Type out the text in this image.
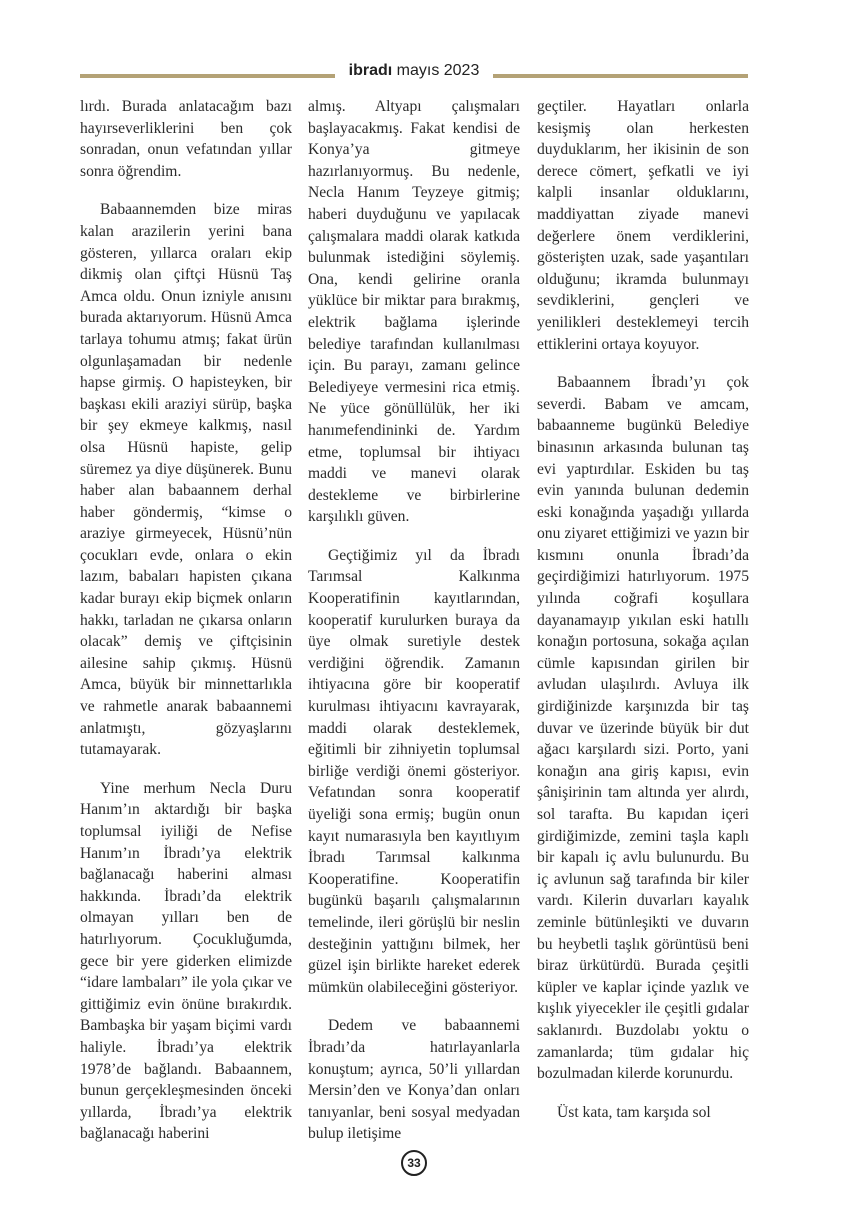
ibradı mayıs 2023

lırdı. Burada anlatacağım bazı hayırseverliklerini ben çok sonradan, onun vefatından yıllar sonra öğrendim.

Babaannemden bize miras kalan arazilerin yerini bana gösteren, yıllarca oraları ekip dikmiş olan çiftçi Hüsnü Taş Amca oldu. Onun izniyle anısını burada aktarıyorum. Hüsnü Amca tarlaya tohumu atmış; fakat ürün olgunlaşamadan bir nedenle hapse girmiş. O hapisteyken, bir başkası ekili araziyi sürüp, başka bir şey ekmeye kalkmış, nasıl olsa Hüsnü hapiste, gelip süremez ya diye düşünerek. Bunu haber alan babaannem derhal haber göndermiş, “kimse o araziye girmeyecek, Hüsnü’nün çocukları evde, onlara o ekin lazım, babaları hapisten çıkana kadar burayı ekip biçmek onların hakkı, tarladan ne çıkarsa onların olacak” demiş ve çiftçisinin ailesine sahip çıkmış. Hüsnü Amca, büyük bir minnettarlıkla ve rahmetle anarak babaannemi anlatmıştı, gözyaşlarını tutamayarak.

Yine merhum Necla Duru Hanım’ın aktardığı bir başka toplumsal iyiliği de Nefise Hanım’ın İbradı’ya elektrik bağlanacağı haberini alması hakkında. İbradı’da elektrik olmayan yılları ben de hatırlıyorum. Çocukluğumda, gece bir yere giderken elimizde “idare lambaları” ile yola çıkar ve gittiğimiz evin önüne bırakırdık. Bambaşka bir yaşam biçimi vardı haliyle. İbradı’ya elektrik 1978’de bağlandı. Babaannem, bunun gerçekleşmesinden önceki yıllarda, İbradı’ya elektrik bağlanacağı haberini

almış. Altyapı çalışmaları başlayacakmış. Fakat kendisi de Konya’ya gitmeye hazırlanıyormuş. Bu nedenle, Necla Hanım Teyzeye gitmiş; haberi duyduğunu ve yapılacak çalışmalara maddi olarak katkıda bulunmak istediğini söylemiş. Ona, kendi gelirine oranla yüklüce bir miktar para bırakmış, elektrik bağlama işlerinde belediye tarafından kullanılması için. Bu parayı, zamanı gelince Belediyeye vermesini rica etmiş. Ne yüce gönüllülük, her iki hanımefendininki de. Yardım etme, toplumsal bir ihtiyacı maddi ve manevi olarak destekleme ve birbirlerine karşılıklı güven.

Geçtiğimiz yıl da İbradı Tarımsal Kalkınma Kooperatifinin kayıtlarından, kooperatif kurulurken buraya da üye olmak suretiyle destek verdiğini öğrendik. Zamanın ihtiyacına göre bir kooperatif kurulması ihtiyacını kavrayarak, maddi olarak desteklemek, eğitimli bir zihniyetin toplumsal birliğe verdiği önemi gösteriyor. Vefatından sonra kooperatif üyeliği sona ermiş; bugün onun kayıt numarasıyla ben kayıtlıyım İbradı Tarımsal kalkınma Kooperatifine. Kooperatifin bugünkü başarılı çalışmalarının temelinde, ileri görüşlü bir neslin desteğinin yattığını bilmek, her güzel işin birlikte hareket ederek mümkün olabileceğini gösteriyor.

Dedem ve babaannemi İbradı’da hatırlayanlarla konuştum; ayrıca, 50’li yıllardan Mersin’den ve Konya’dan onları tanıyanlar, beni sosyal medyadan bulup iletişime

geçtiler. Hayatları onlarla kesişmiş olan herkesten duyduklarım, her ikisinin de son derece cömert, şefkatli ve iyi kalpli insanlar olduklarını, maddiyattan ziyade manevi değerlere önem verdiklerini, gösterişten uzak, sade yaşantıları olduğunu; ikramda bulunmayı sevdiklerini, gençleri ve yenilikleri desteklemeyi tercih ettiklerini ortaya koyuyor.

Babaannem İbradı’yı çok severdi. Babam ve amcam, babaanneme bugünkü Belediye binasının arkasında bulunan taş evi yaptırdılar. Eskiden bu taş evin yanında bulunan dedemin eski konağında yaşadığı yıllarda onu ziyaret ettiğimizi ve yazın bir kısmını onunla İbradı’da geçirdiğimizi hatırlıyorum. 1975 yılında coğrafi koşullara dayanamayıp yıkılan eski hatıllı konağın portosuna, sokağa açılan cümle kapısından girilen bir avludan ulaşılırdı. Avluya ilk girdiğinizde karşınızda bir taş duvar ve üzerinde büyük bir dut ağacı karşılardı sizi. Porto, yani konağın ana giriş kapısı, evin şânişirinin tam altında yer alırdı, sol tarafta. Bu kapıdan içeri girdiğimizde, zemini taşla kaplı bir kapalı iç avlu bulunurdu. Bu iç avlunun sağ tarafında bir kiler vardı. Kilerin duvarları kayalık zeminle bütünleşikti ve duvarın bu heybetli taşlık görüntüsü beni biraz ürkütürdü. Burada çeşitli küpler ve kaplar içinde yazlık ve kışlık yiyecekler ile çeşitli gıdalar saklanırdı. Buzdolabı yoktu o zamanlarda; tüm gıdalar hiç bozulmadan kilerde korunurdu.

Üst kata, tam karşıda sol

33
